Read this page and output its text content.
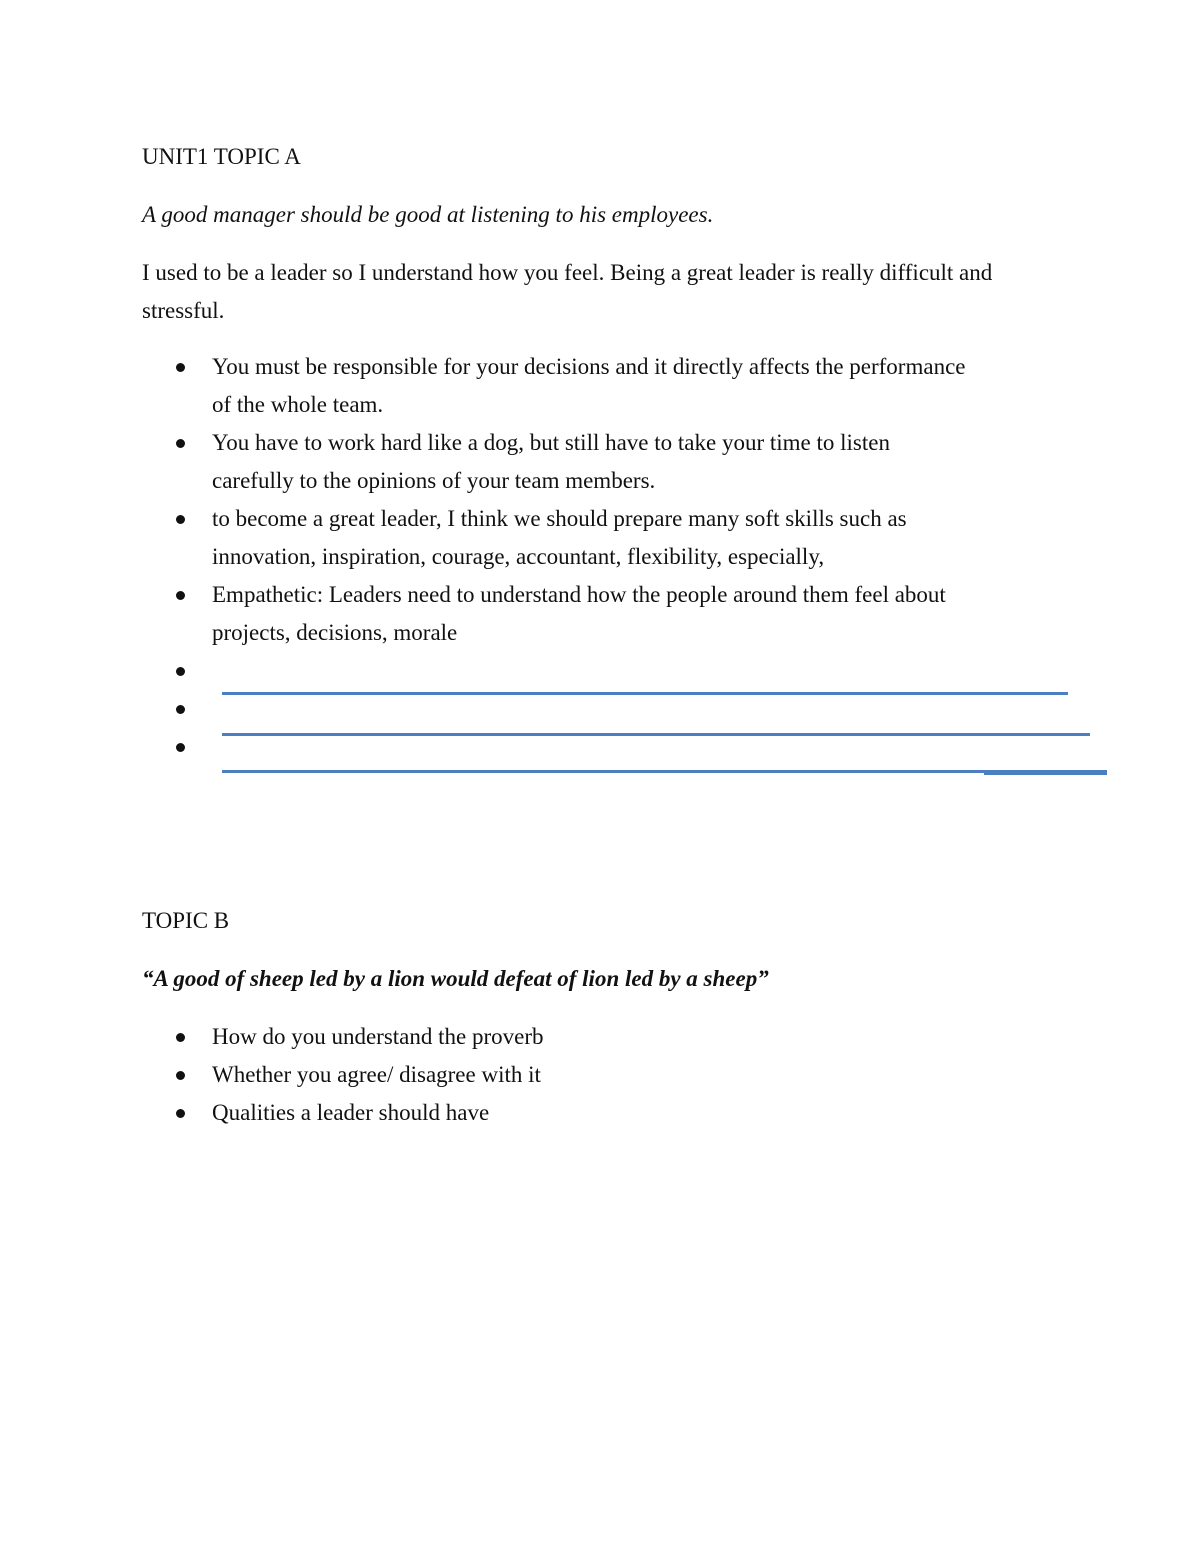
UNIT1 TOPIC A
A good manager should be good at listening to his employees.
I used to be a leader so I understand how you feel. Being a great leader is really difficult and stressful.
You must be responsible for your decisions and it directly affects the performance
of the whole team.
You have to work hard like a dog, but still have to take your time to listen
carefully to the opinions of your team members.
to become a great leader, I think we should prepare many soft skills such as
innovation, inspiration, courage, accountant, flexibility, especially,
Empathetic: Leaders need to understand how the people around them feel about
projects, decisions, morale
TOPIC B
“A good of sheep led by a lion would defeat of lion led by a sheep”
How do you understand the proverb
Whether you agree/ disagree with it
Qualities a leader should have
